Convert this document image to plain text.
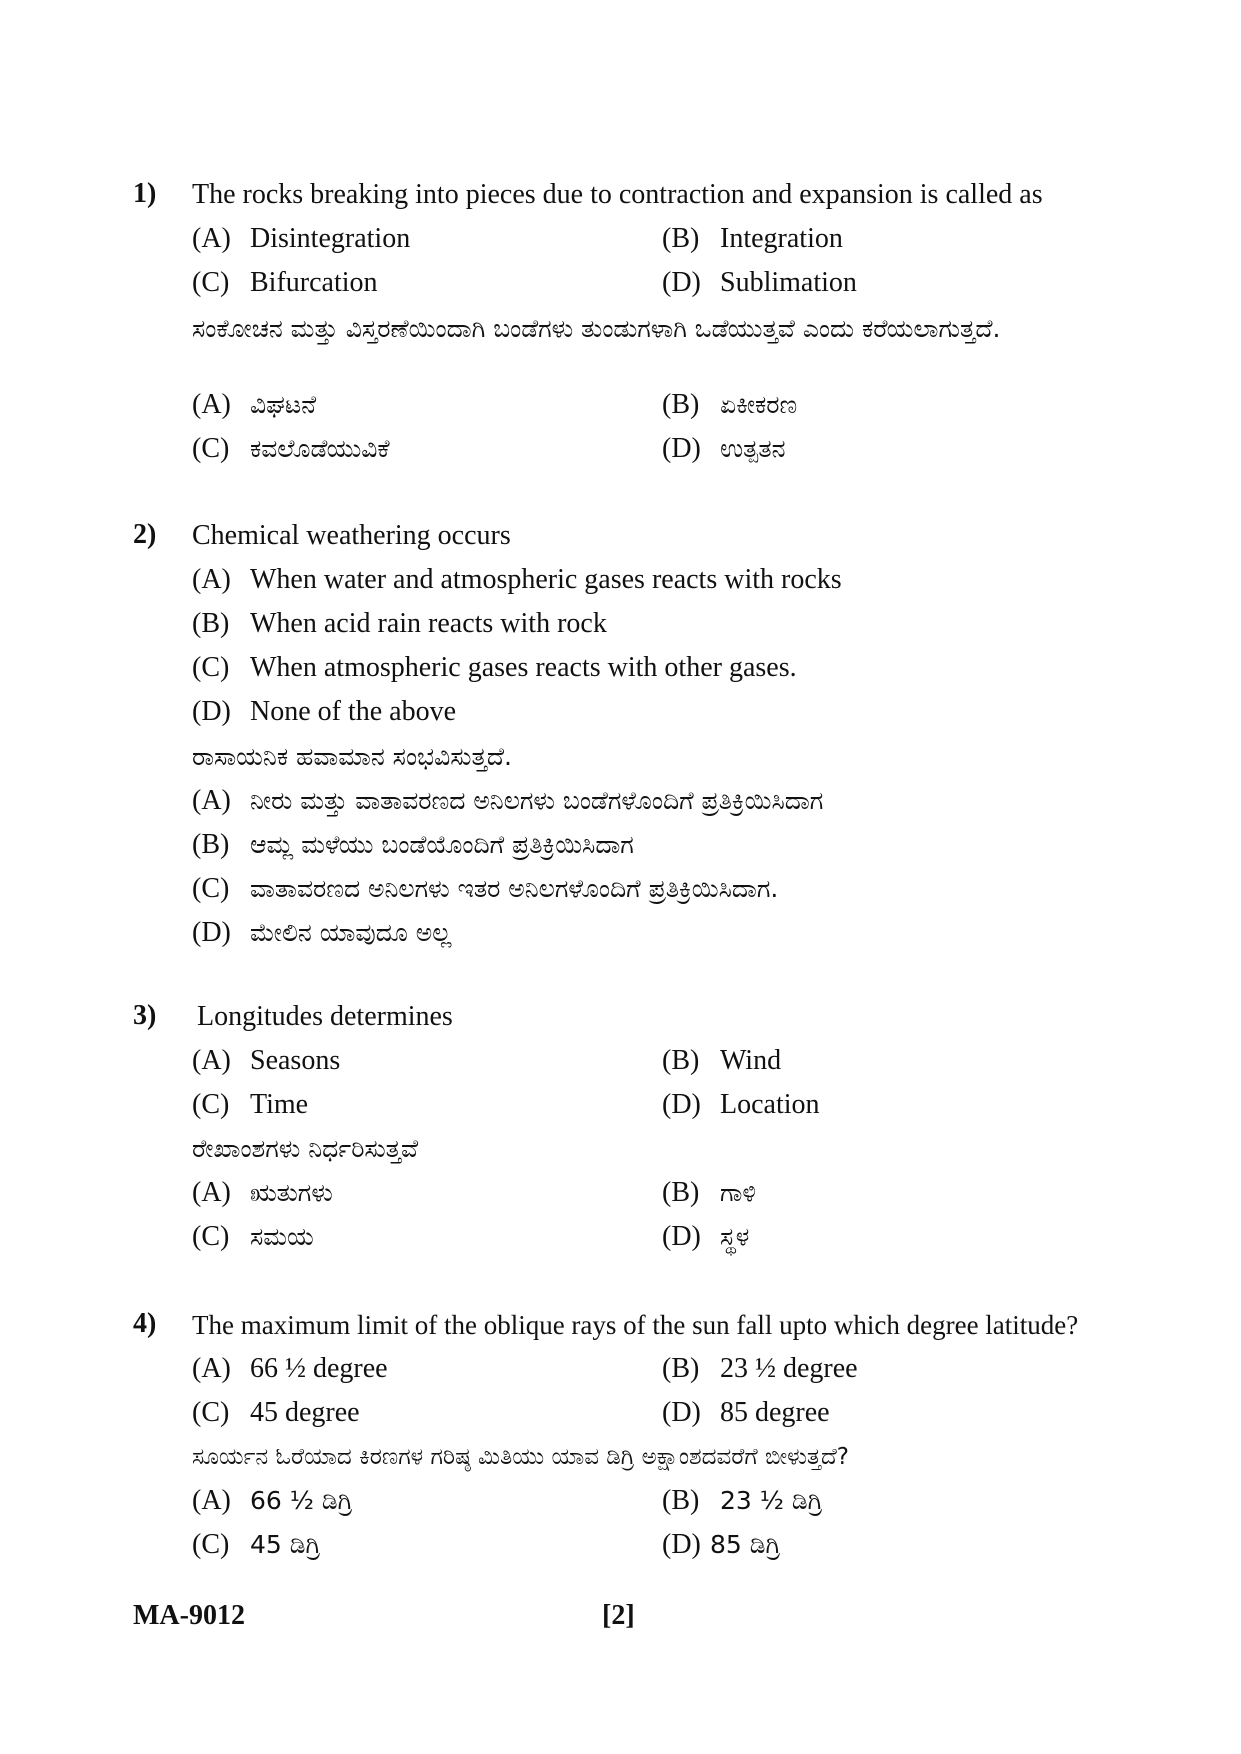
1) The rocks breaking into pieces due to contraction and expansion is called as
(A) Disintegration	(B) Integration
(C) Bifurcation	(D) Sublimation
ಸಂಕೋಚನ ಮತ್ತು ವಿಸ್ತರಣೆಯಿಂದಾಗಿ ಬಂಡೆಗಳು ತುಂಡುಗಳಾಗಿ ಒಡೆಯುತ್ತವೆ ಎಂದು ಕರೆಯಲಾಗುತ್ತದೆ.
(A) ವಿಘಟನೆ	(B) ಏಕೀಕರಣ
(C) ಕವಲೊಡೆಯುವಿಕೆ	(D) ಉತ್ಪತನ
2) Chemical weathering occurs
(A) When water and atmospheric gases reacts with rocks
(B) When acid rain reacts with rock
(C) When atmospheric gases reacts with other gases.
(D) None of the above
ರಾಸಾಯನಿಕ ಹವಾಮಾನ ಸಂಭವಿಸುತ್ತದೆ.
(A) ನೀರು ಮತ್ತು ವಾತಾವರಣದ ಅನಿಲಗಳು ಬಂಡೆಗಳೊಂದಿಗೆ ಪ್ರತಿಕ್ರಿಯಿಸಿದಾಗ
(B) ಆಮ್ಲ ಮಳೆಯು ಬಂಡೆಯೊಂದಿಗೆ ಪ್ರತಿಕ್ರಿಯಿಸಿದಾಗ
(C) ವಾತಾವರಣದ ಅನಿಲಗಳು ಇತರ ಅನಿಲಗಳೊಂದಿಗೆ ಪ್ರತಿಕ್ರಿಯಿಸಿದಾಗ.
(D) ಮೇಲಿನ ಯಾವುದೂ ಅಲ್ಲ
3) Longitudes determines
(A) Seasons	(B) Wind
(C) Time	(D) Location
ರೇಖಾಂಶಗಳು ನಿರ್ಧರಿಸುತ್ತವೆ
(A) ಋತುಗಳು	(B) ಗಾಳಿ
(C) ಸಮಯ	(D) ಸ್ಥಳ
4) The maximum limit of the oblique rays of the sun fall upto which degree latitude?
(A) 66 ½ degree	(B) 23 ½ degree
(C) 45 degree	(D) 85 degree
ಸೂರ್ಯನ ಓರೆಯಾದ ಕಿರಣಗಳ ಗರಿಷ್ಠ ಮಿತಿಯು ಯಾವ ಡಿಗ್ರಿ ಅಕ್ಷಾಂಶದವರೆಗೆ ಬೀಳುತ್ತದೆ?
(A) 66 ½ ಡಿಗ್ರಿ	(B) 23 ½ ಡಿಗ್ರಿ
(C) 45 ಡಿಗ್ರಿ	(D) 85 ಡಿಗ್ರಿ
MA-9012	[2]
